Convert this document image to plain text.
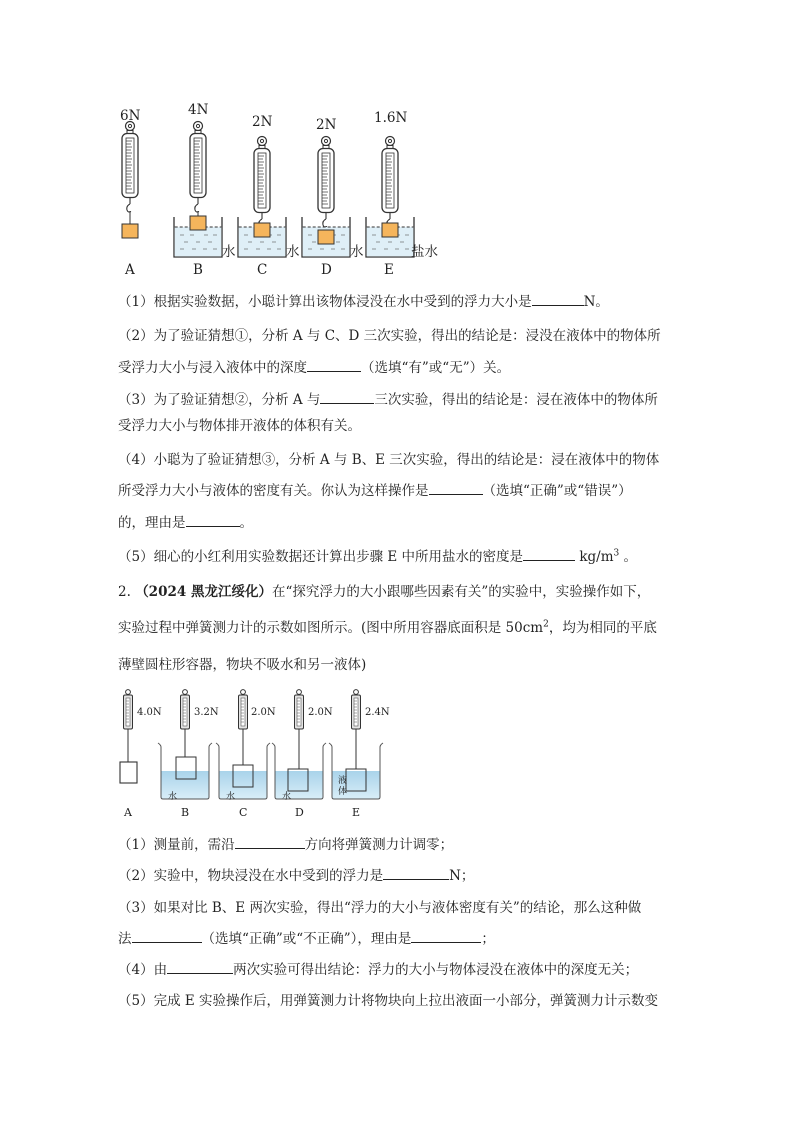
6N	4N
2N	2N	1.6N
A	B	C	D	E
水	水	水	盐水
（1）根据实验数据，小聪计算出该物体浸没在水中受到的浮力大小是	N。
（2）为了验证猜想①，分析 A 与 C、D 三次实验，得出的结论是：浸没在液体中的物体所
受浮力大小与浸入液体中的深度	（选填“有”或“无”）关。
（3）为了验证猜想②，分析 A 与	三次实验，得出的结论是：浸在液体中的物体所
受浮力大小与物体排开液体的体积有关。
（4）小聪为了验证猜想③，分析 A 与 B、E 三次实验，得出的结论是：浸在液体中的物体
所受浮力大小与液体的密度有关。你认为这样操作是	（选填“正确”或“错误”）
的，理由是	。
（5）细心的小红利用实验数据还计算出步骤 E 中所用盐水的密度是	$kg/m^3$ 。
2. （2024 黑龙江绥化）在“探究浮力的大小跟哪些因素有关”的实验中，实验操作如下，
实验过程中弹簧测力计的示数如图所示。(图中所用容器底面积是 $50cm^2$，均为相同的平底
薄壁圆柱形容器，物块不吸水和另一液体)
4.0N	3.2N	2.0N	2.0N	2.4N
水	水	水
液
体
A	B	C	D	E
（1）测量前，需沿	方向将弹簧测力计调零；
（2）实验中，物块浸没在水中受到的浮力是	N；
（3）如果对比 B、E 两次实验，得出“浮力的大小与液体密度有关”的结论，那么这种做
法	（选填“正确”或“不正确”），理由是	；
（4）由	两次实验可得出结论：浮力的大小与物体浸没在液体中的深度无关；
（5）完成 E 实验操作后，用弹簧测力计将物块向上拉出液面一小部分，弹簧测力计示数变
